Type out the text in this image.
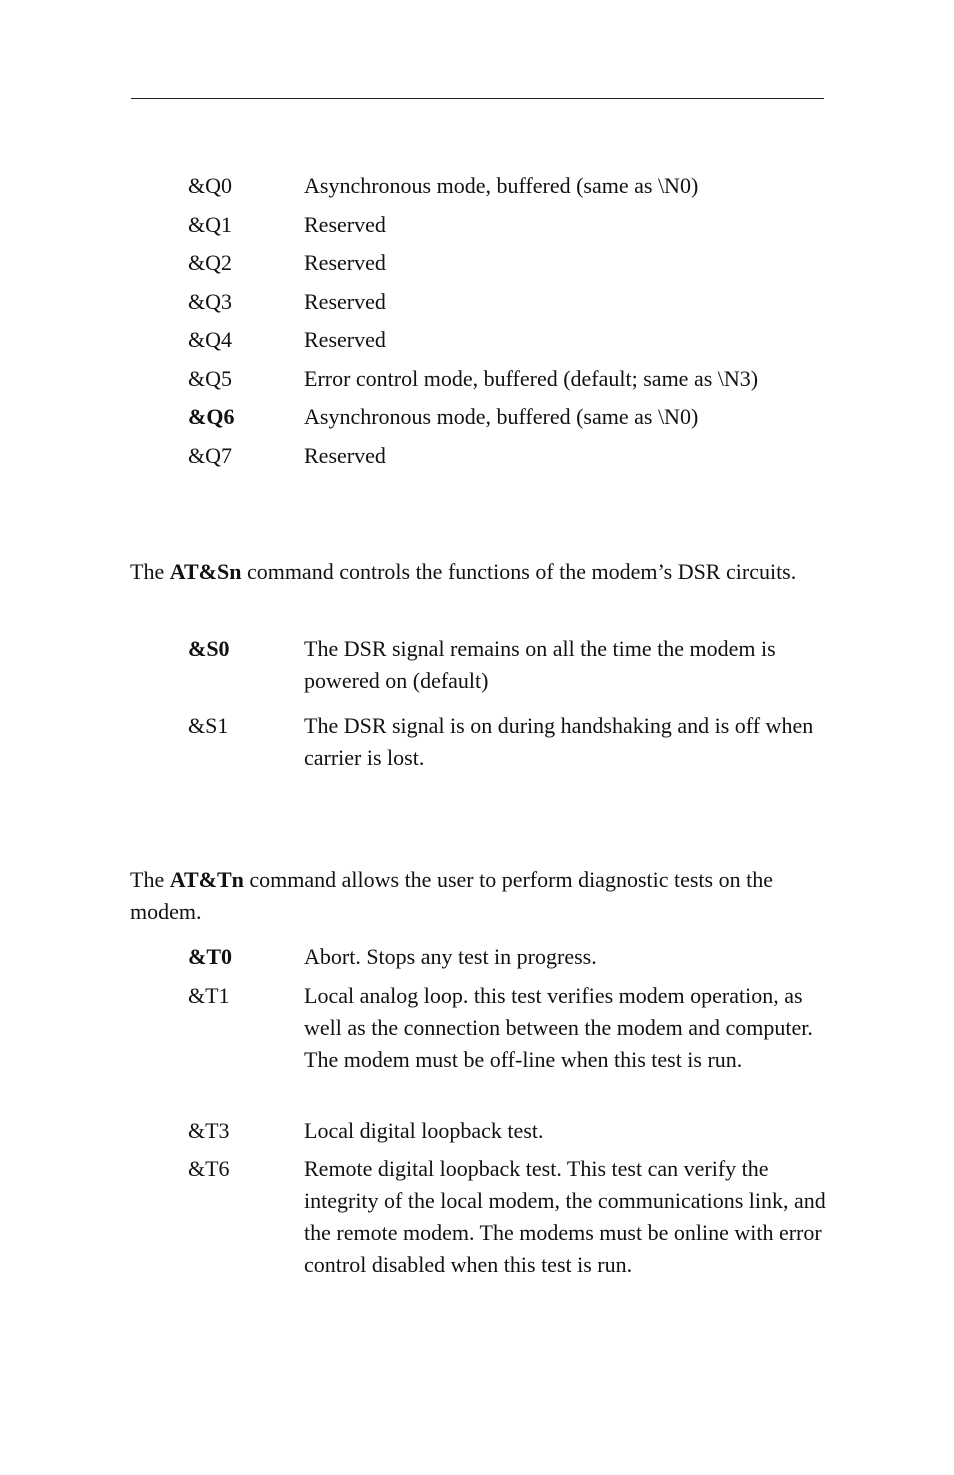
&Q0	Asynchronous mode, buffered (same as \N0)
&Q1	Reserved
&Q2	Reserved
&Q3	Reserved
&Q4	Reserved
&Q5	Error control mode, buffered (default; same as \N3)
&Q6	Asynchronous mode, buffered (same as \N0)
&Q7	Reserved
The AT&Sn command controls the functions of the modem’s DSR circuits.
&S0	The DSR signal remains on all the time the modem is powered on (default)
&S1	The DSR signal is on during handshaking and is off when carrier is lost.
The AT&Tn command allows the user to perform diagnostic tests on the modem.
&T0	Abort. Stops any test in progress.
&T1	Local analog loop. this test verifies modem operation, as well as the connection between the modem and computer. The modem must be off-line when this test is run.
&T3	Local digital loopback test.
&T6	Remote digital loopback test. This test can verify the integrity of the local modem, the communications link, and the remote modem. The modems must be online with error control disabled when this test is run.
